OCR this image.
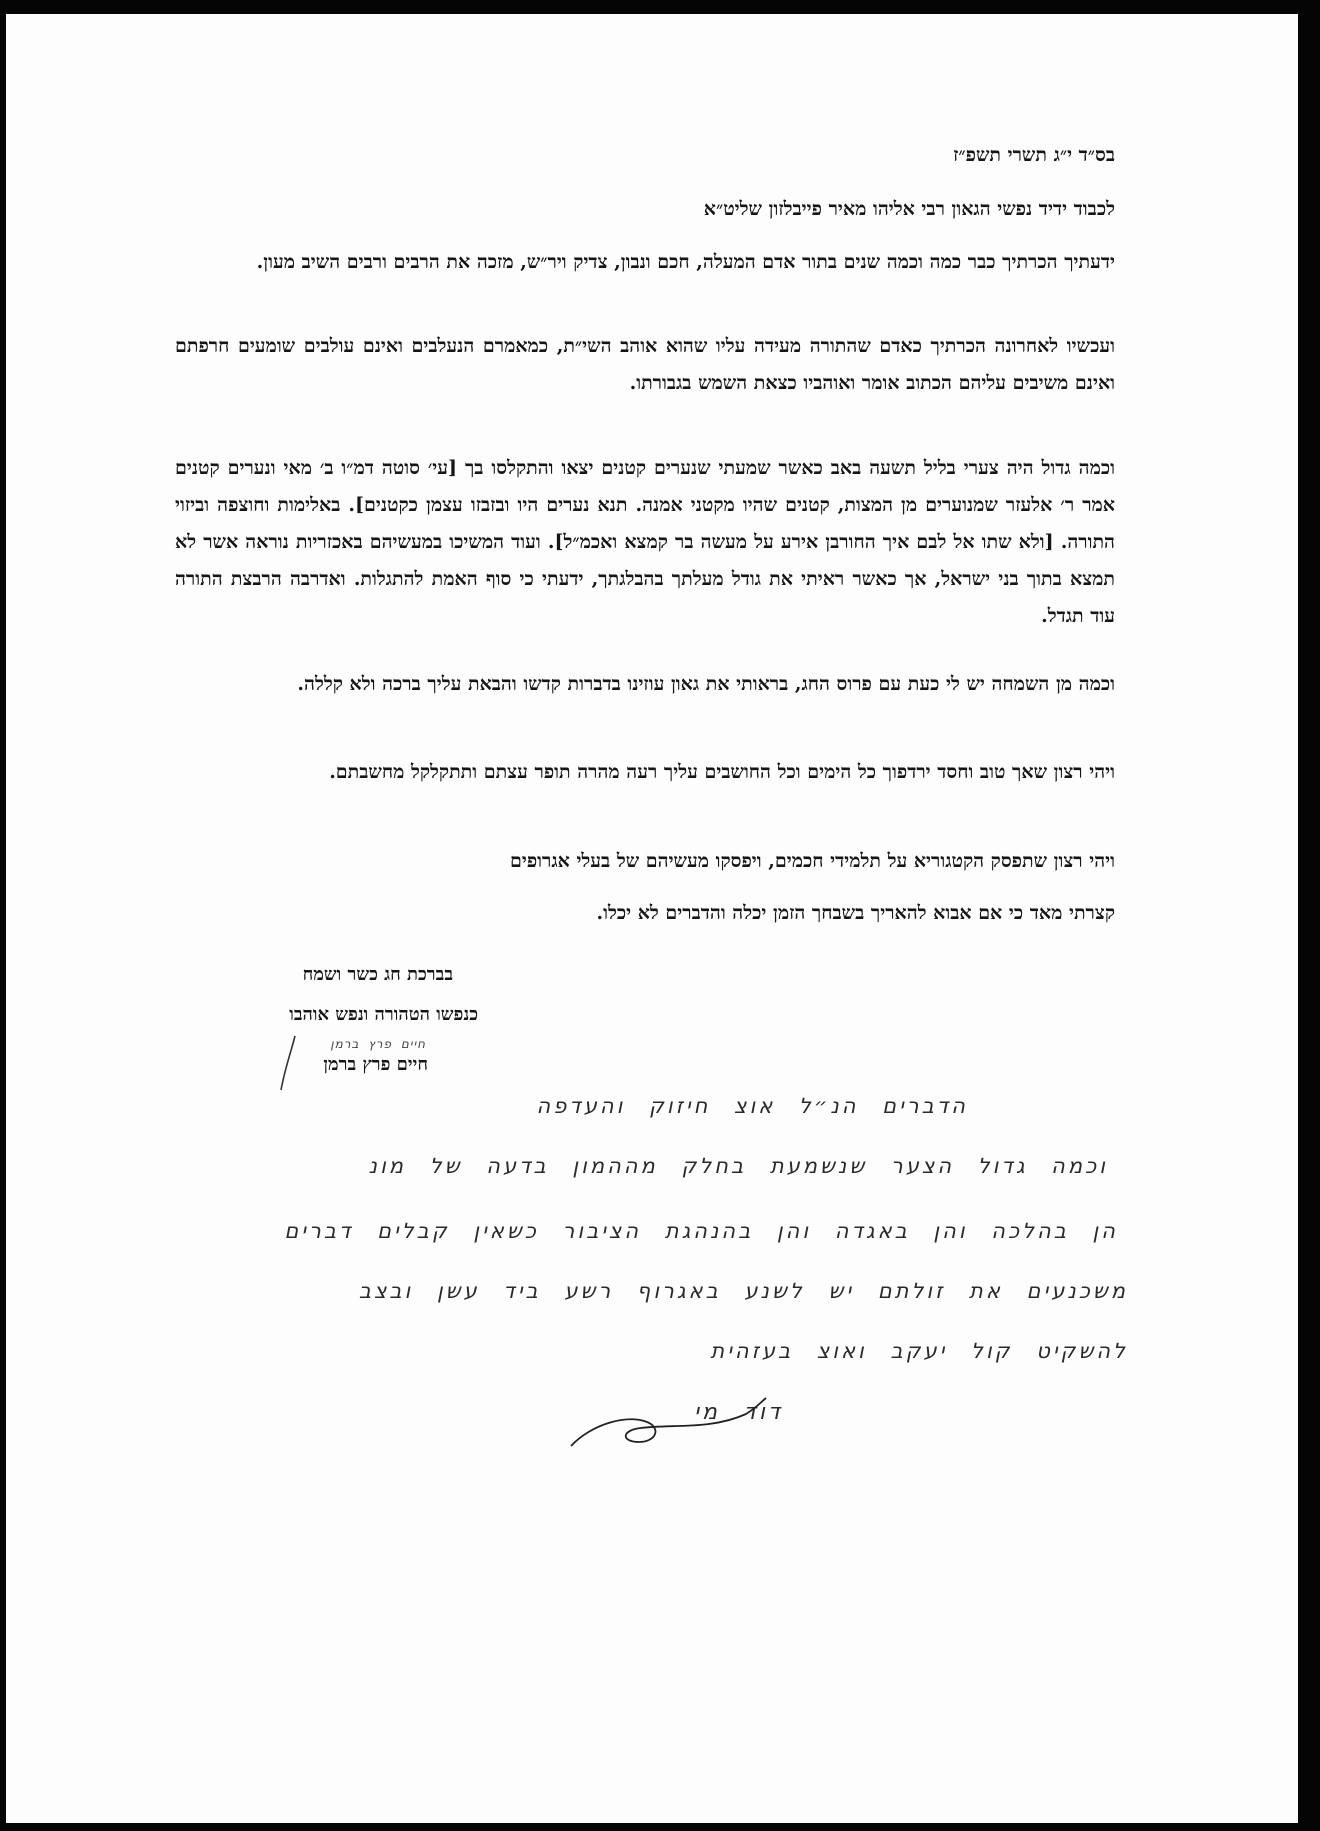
בס״ד י״ג תשרי תשפ״ז
לכבוד ידיד נפשי הגאון רבי אליהו מאיר פייבלזון שליט״א

ידעתיך הכרתיך כבר כמה וכמה שנים בתור אדם המעלה, חכם ונבון, צדיק ויר״ש, מזכה את הרבים ורבים השיב מעון.

ועכשיו לאחרונה הכרתיך כאדם שהתורה מעידה עליו שהוא אוהב השי״ת, כמאמרם הנעלבים ואינם עולבים שומעים חרפתם ואינם משיבים עליהם הכתוב אומר ואוהביו כצאת השמש בגבורתו.

וכמה גדול היה צערי בליל תשעה באב כאשר שמעתי שנערים קטנים יצאו והתקלסו בך [עי׳ סוטה דמ״ו ב׳ מאי ונערים קטנים אמר ר׳ אלעזר שמנוערים מן המצות, קטנים שהיו מקטני אמנה. תנא נערים היו ובזבזו עצמן כקטנים]. באלימות וחוצפה וביזוי התורה. [ולא שתו אל לבם איך החורבן אירע על מעשה בר קמצא ואכמ״ל]. ועוד המשיכו במעשיהם באכזריות נוראה אשר לא תמצא בתוך בני ישראל, אך כאשר ראיתי את גודל מעלתך בהבלגתך, ידעתי כי סוף האמת להתגלות. ואדרבה הרבצת התורה עוד תגדל.

וכמה מן השמחה יש לי כעת עם פרוס החג, בראותי את גאון עוזינו בדברות קדשו והבאת עליך ברכה ולא קללה.

ויהי רצון שאך טוב וחסד ירדפוך כל הימים וכל החושבים עליך רעה מהרה תופר עצתם ותתקלקל מחשבתם.

ויהי רצון שתפסק הקטגוריא על תלמידי חכמים, ויפסקו מעשיהם של בעלי אגרופים
קצרתי מאד כי אם אבוא להאריך בשבחך הזמן יכלה והדברים לא יכלו.
בברכת חג כשר ושמח
כנפשו הטהורה ונפש אוהבו
חיים פרץ ברמן
חיים פרץ ברמן
הדברים הנ״ל אוצ חיזוק והעדפה
וכמה גדול הצער שנשמעת בחלק מההמון בדעה של מונ
הן בהלכה והן באגדה והן בהנהגת הציבור כשאין קבלים דברים
משכנעים את זולתם יש לשנע באגרוף רשע ביד עשן ובצב
להשקיט קול יעקב ואוצ בעזהית
דוד מי
